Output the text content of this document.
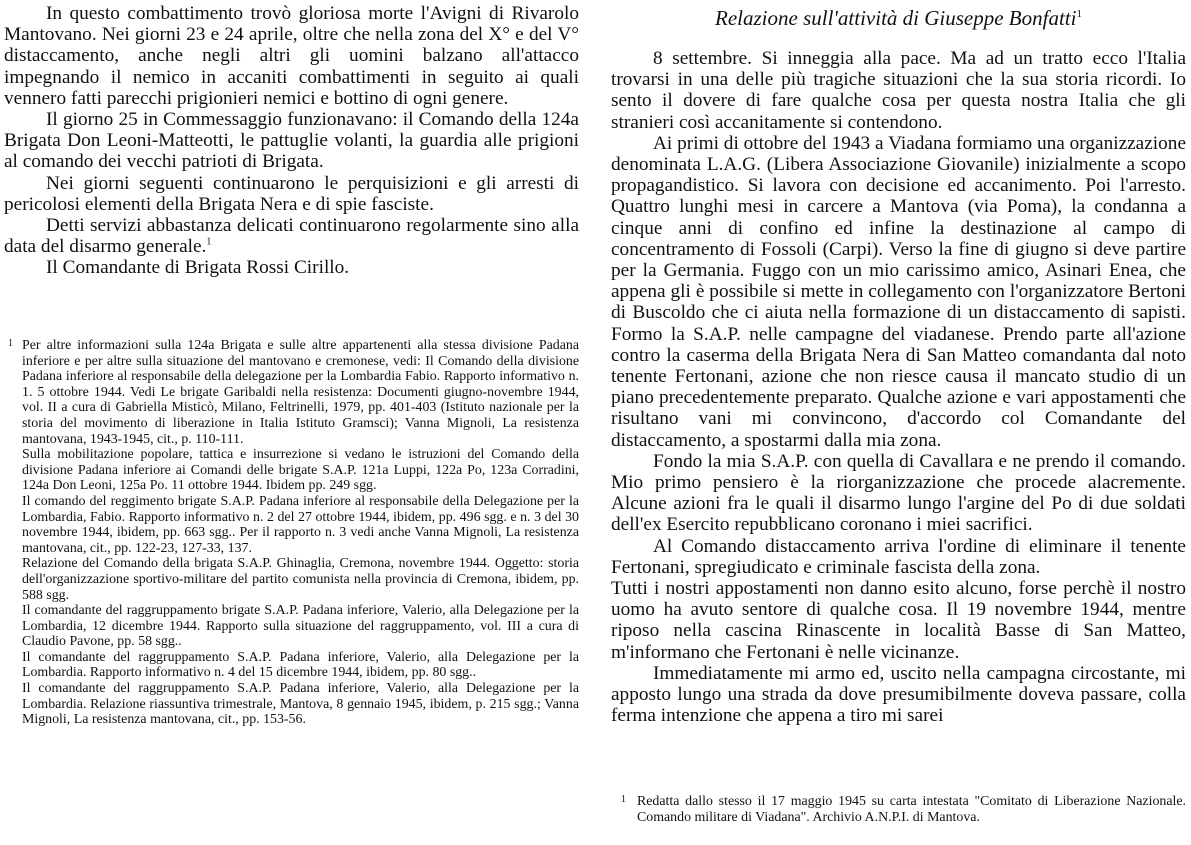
In questo combattimento trovò gloriosa morte l'Avigni di Rivarolo Mantovano. Nei giorni 23 e 24 aprile, oltre che nella zona del X° e del V° distaccamento, anche negli altri gli uomini balzano all'attacco impegnando il nemico in accaniti combattimenti in seguito ai quali vennero fatti parecchi prigionieri nemici e bottino di ogni genere.

Il giorno 25 in Commessaggio funzionavano: il Comando della 124a Brigata Don Leoni-Matteotti, le pattuglie volanti, la guardia alle prigioni al comando dei vecchi patrioti di Brigata.

Nei giorni seguenti continuarono le perquisizioni e gli arresti di pericolosi elementi della Brigata Nera e di spie fasciste.

Detti servizi abbastanza delicati continuarono regolarmente sino alla data del disarmo generale.$^1$

Il Comandante di Brigata Rossi Cirillo.

1 Per altre informazioni sulla 124a Brigata e sulle altre appartenenti alla stessa divisione Padana inferiore e per altre sulla situazione del mantovano e cremonese, vedi: Il Comando della divisione Padana inferiore al responsabile della delegazione per la Lombardia Fabio. Rapporto informativo n. 1. 5 ottobre 1944. Vedi Le brigate Garibaldi nella resistenza: Documenti giugno-novembre 1944, vol. II a cura di Gabriella Misticò, Milano, Feltrinelli, 1979, pp. 401-403 (Istituto nazionale per la storia del movimento di liberazione in Italia Istituto Gramsci); Vanna Mignoli, La resistenza mantovana, 1943-1945, cit., p. 110-111.
Sulla mobilitazione popolare, tattica e insurrezione si vedano le istruzioni del Comando della divisione Padana inferiore ai Comandi delle brigate S.A.P. 121a Luppi, 122a Po, 123a Corradini, 124a Don Leoni, 125a Po. 11 ottobre 1944. Ibidem pp. 249 sgg.
Il comando del reggimento brigate S.A.P. Padana inferiore al responsabile della Delegazione per la Lombardia, Fabio. Rapporto informativo n. 2 del 27 ottobre 1944, ibidem, pp. 496 sgg. e n. 3 del 30 novembre 1944, ibidem, pp. 663 sgg.. Per il rapporto n. 3 vedi anche Vanna Mignoli, La resistenza mantovana, cit., pp. 122-23, 127-33, 137.
Relazione del Comando della brigata S.A.P. Ghinaglia, Cremona, novembre 1944. Oggetto: storia dell'organizzazione sportivo-militare del partito comunista nella provincia di Cremona, ibidem, pp. 588 sgg.
Il comandante del raggruppamento brigate S.A.P. Padana inferiore, Valerio, alla Delegazione per la Lombardia, 12 dicembre 1944. Rapporto sulla situazione del raggruppamento, vol. III a cura di Claudio Pavone, pp. 58 sgg..
Il comandante del raggruppamento S.A.P. Padana inferiore, Valerio, alla Delegazione per la Lombardia. Rapporto informativo n. 4 del 15 dicembre 1944, ibidem, pp. 80 sgg..
Il comandante del raggruppamento S.A.P. Padana inferiore, Valerio, alla Delegazione per la Lombardia. Relazione riassuntiva trimestrale, Mantova, 8 gennaio 1945, ibidem, p. 215 sgg.; Vanna Mignoli, La resistenza mantovana, cit., pp. 153-56.
Relazione sull'attività di Giuseppe Bonfatti$^1$

8 settembre. Si inneggia alla pace. Ma ad un tratto ecco l'Italia trovarsi in una delle più tragiche situazioni che la sua storia ricordi. Io sento il dovere di fare qualche cosa per questa nostra Italia che gli stranieri così accanitamente si contendono.

Ai primi di ottobre del 1943 a Viadana formiamo una organizzazione denominata L.A.G. (Libera Associazione Giovanile) inizialmente a scopo propagandistico. Si lavora con decisione ed accanimento. Poi l'arresto. Quattro lunghi mesi in carcere a Mantova (via Poma), la condanna a cinque anni di confino ed infine la destinazione al campo di concentramento di Fossoli (Carpi). Verso la fine di giugno si deve partire per la Germania. Fuggo con un mio carissimo amico, Asinari Enea, che appena gli è possibile si mette in collegamento con l'organizzatore Bertoni di Buscoldo che ci aiuta nella formazione di un distaccamento di sapisti. Formo la S.A.P. nelle campagne del viadanese. Prendo parte all'azione contro la caserma della Brigata Nera di San Matteo comandanta dal noto tenente Fertonani, azione che non riesce causa il mancato studio di un piano precedentemente preparato. Qualche azione e vari appostamenti che risultano vani mi convincono, d'accordo col Comandante del distaccamento, a spostarmi dalla mia zona.

Fondo la mia S.A.P. con quella di Cavallara e ne prendo il comando. Mio primo pensiero è la riorganizzazione che procede alacremente. Alcune azioni fra le quali il disarmo lungo l'argine del Po di due soldati dell'ex Esercito repubblicano coronano i miei sacrifici.

Al Comando distaccamento arriva l'ordine di eliminare il tenente Fertonani, spregiudicato e criminale fascista della zona.

Tutti i nostri appostamenti non danno esito alcuno, forse perchè il nostro uomo ha avuto sentore di qualche cosa. Il 19 novembre 1944, mentre riposo nella cascina Rinascente in località Basse di San Matteo, m'informano che Fertonani è nelle vicinanze.

Immediatamente mi armo ed, uscito nella campagna circostante, mi apposto lungo una strada da dove presumibilmente doveva passare, colla ferma intenzione che appena a tiro mi sarei

1 Redatta dallo stesso il 17 maggio 1945 su carta intestata "Comitato di Liberazione Nazionale. Comando militare di Viadana". Archivio A.N.P.I. di Mantova.
